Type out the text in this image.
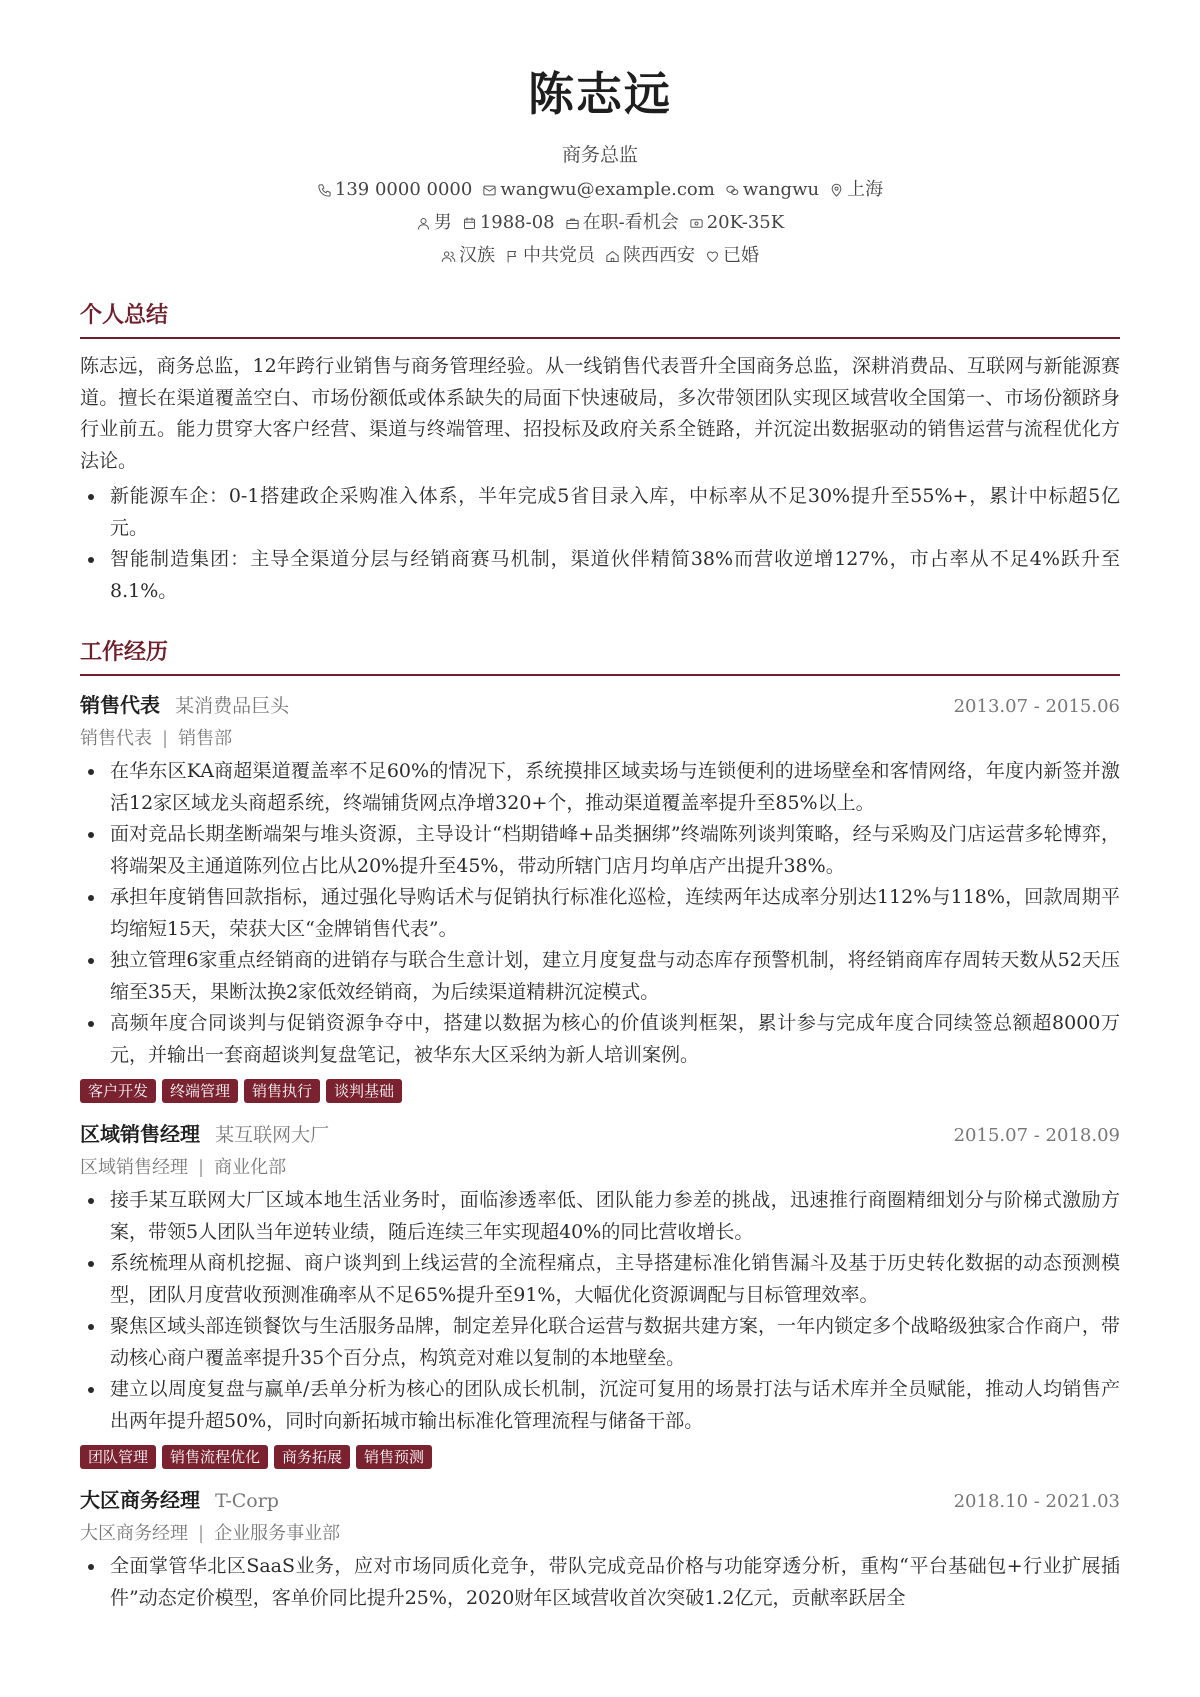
陈志远
商务总监
139 0000 0000 wangwu@example.com wangwu 上海
男 1988-08 在职-看机会 20K-35K
汉族 中共党员 陕西西安 已婚
个人总结

陈志远，商务总监，12年跨行业销售与商务管理经验。从一线销售代表晋升全国商务总监，深耕消费品、互联网与新能源赛道。擅长在渠道覆盖空白、市场份额低或体系缺失的局面下快速破局，多次带领团队实现区域营收全国第一、市场份额跻身行业前五。能力贯穿大客户经营、渠道与终端管理、招投标及政府关系全链路，并沉淀出数据驱动的销售运营与流程优化方法论。

新能源车企：0-1搭建政企采购准入体系，半年完成5省目录入库，中标率从不足30%提升至55%+，累计中标超5亿元。
智能制造集团：主导全渠道分层与经销商赛马机制，渠道伙伴精简38%而营收逆增127%，市占率从不足4%跃升至8.1%。
工作经历
销售代表 某消费品巨头	2013.07 - 2015.06
销售代表 | 销售部
在华东区KA商超渠道覆盖率不足60%的情况下，系统摸排区域卖场与连锁便利的进场壁垒和客情网络，年度内新签并激活12家区域龙头商超系统，终端铺货网点净增320+个，推动渠道覆盖率提升至85%以上。
面对竞品长期垄断端架与堆头资源，主导设计“档期错峰+品类捆绑”终端陈列谈判策略，经与采购及门店运营多轮博弈，将端架及主通道陈列位占比从20%提升至45%，带动所辖门店月均单店产出提升38%。
承担年度销售回款指标，通过强化导购话术与促销执行标准化巡检，连续两年达成率分别达112%与118%，回款周期平均缩短15天，荣获大区“金牌销售代表”。
独立管理6家重点经销商的进销存与联合生意计划，建立月度复盘与动态库存预警机制，将经销商库存周转天数从52天压缩至35天，果断汰换2家低效经销商，为后续渠道精耕沉淀模式。
高频年度合同谈判与促销资源争夺中，搭建以数据为核心的价值谈判框架，累计参与完成年度合同续签总额超8000万元，并输出一套商超谈判复盘笔记，被华东大区采纳为新人培训案例。
客户开发	终端管理	销售执行	谈判基础
区域销售经理 某互联网大厂	2015.07 - 2018.09
区域销售经理 | 商业化部
接手某互联网大厂区域本地生活业务时，面临渗透率低、团队能力参差的挑战，迅速推行商圈精细划分与阶梯式激励方案，带领5人团队当年逆转业绩，随后连续三年实现超40%的同比营收增长。
系统梳理从商机挖掘、商户谈判到上线运营的全流程痛点，主导搭建标准化销售漏斗及基于历史转化数据的动态预测模型，团队月度营收预测准确率从不足65%提升至91%，大幅优化资源调配与目标管理效率。
聚焦区域头部连锁餐饮与生活服务品牌，制定差异化联合运营与数据共建方案，一年内锁定多个战略级独家合作商户，带动核心商户覆盖率提升35个百分点，构筑竞对难以复制的本地壁垒。
建立以周度复盘与赢单/丢单分析为核心的团队成长机制，沉淀可复用的场景打法与话术库并全员赋能，推动人均销售产出两年提升超50%，同时向新拓城市输出标准化管理流程与储备干部。
团队管理	销售流程优化	商务拓展	销售预测
大区商务经理 T-Corp	2018.10 - 2021.03
大区商务经理 | 企业服务事业部
全面掌管华北区SaaS业务，应对市场同质化竞争，带队完成竞品价格与功能穿透分析，重构“平台基础包+行业扩展插件”动态定价模型，客单价同比提升25%，2020财年区域营收首次突破1.2亿元，贡献率跃居全
